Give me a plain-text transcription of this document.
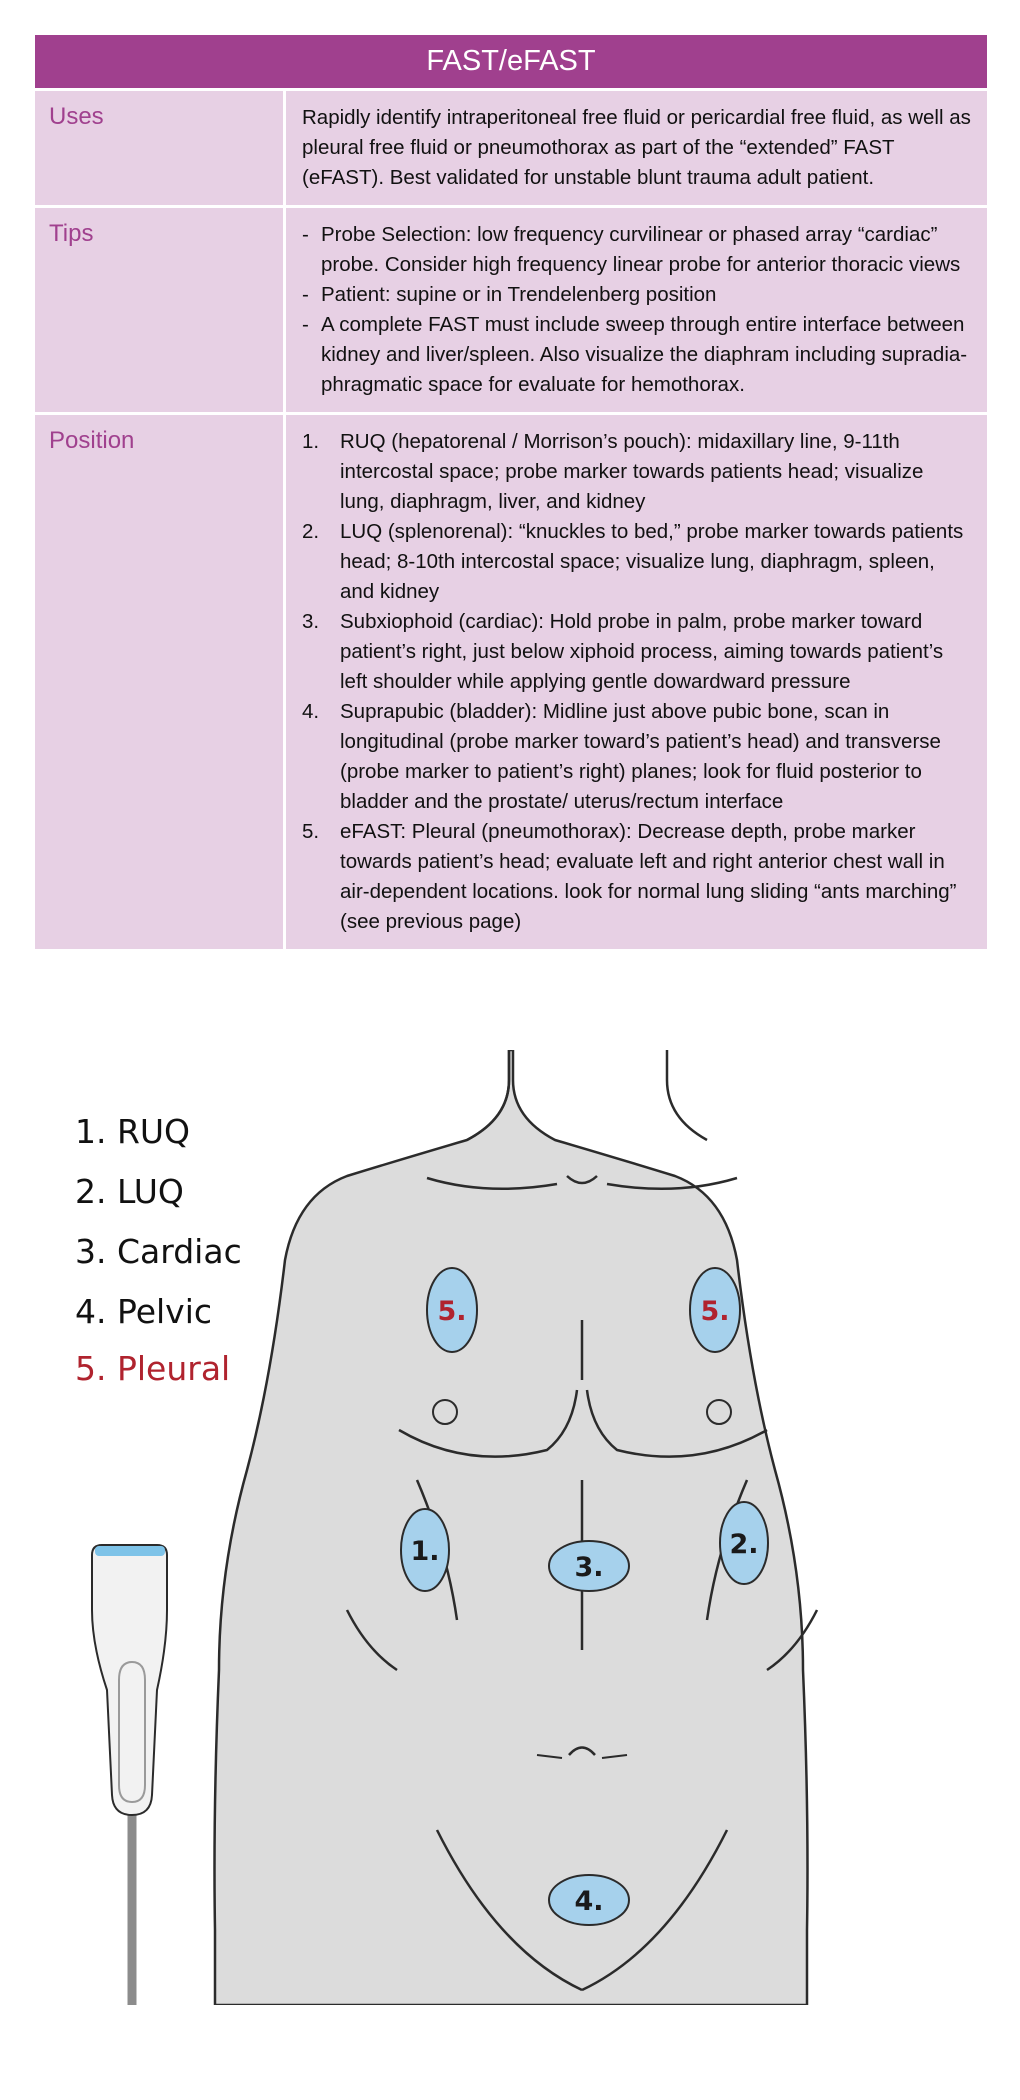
FAST/eFAST
Uses	Rapidly identify intraperitoneal free fluid or pericardial free fluid, as well as pleural free fluid or pneumothorax as part of the “extended” FAST (eFAST). Best validated for unstable blunt trauma adult patient.

Tips	- Probe Selection: low frequency curvilinear or phased array “cardiac” probe. Consider high frequency linear probe for anterior thoracic views
- Patient: supine or in Trendelenberg position
- A complete FAST must include sweep through entire interface between kidney and liver/spleen. Also visualize the diaphram including supradia- phragmatic space for evaluate for hemothorax.
Position	1.	RUQ (hepatorenal / Morrison’s pouch): midaxillary line, 9-11th intercostal space; probe marker towards patients head; visualize lung, diaphragm, liver, and kidney
2.	LUQ (splenorenal): “knuckles to bed,” probe marker towards patients head; 8-10th intercostal space; visualize lung, diaphragm, spleen, and kidney
3.	Subxiophoid (cardiac): Hold probe in palm, probe marker toward patient’s right, just below xiphoid process, aiming towards patient’s left shoulder while applying gentle dowardward pressure
4.	Suprapubic (bladder): Midline just above pubic bone, scan in longitudinal (probe marker toward’s patient’s head) and transverse (probe marker to patient’s right) planes; look for fluid posterior to bladder and the prostate/ uterus/rectum interface
5.	eFAST: Pleural (pneumothorax): Decrease depth, probe marker towards patient’s head; evaluate left and right anterior chest wall in air-dependent locations. look for normal lung sliding “ants marching” (see previous page)
5.	5.
1.	2.
3.
4.
1. RUQ
2. LUQ
3. Cardiac
4. Pelvic
5. Pleural
